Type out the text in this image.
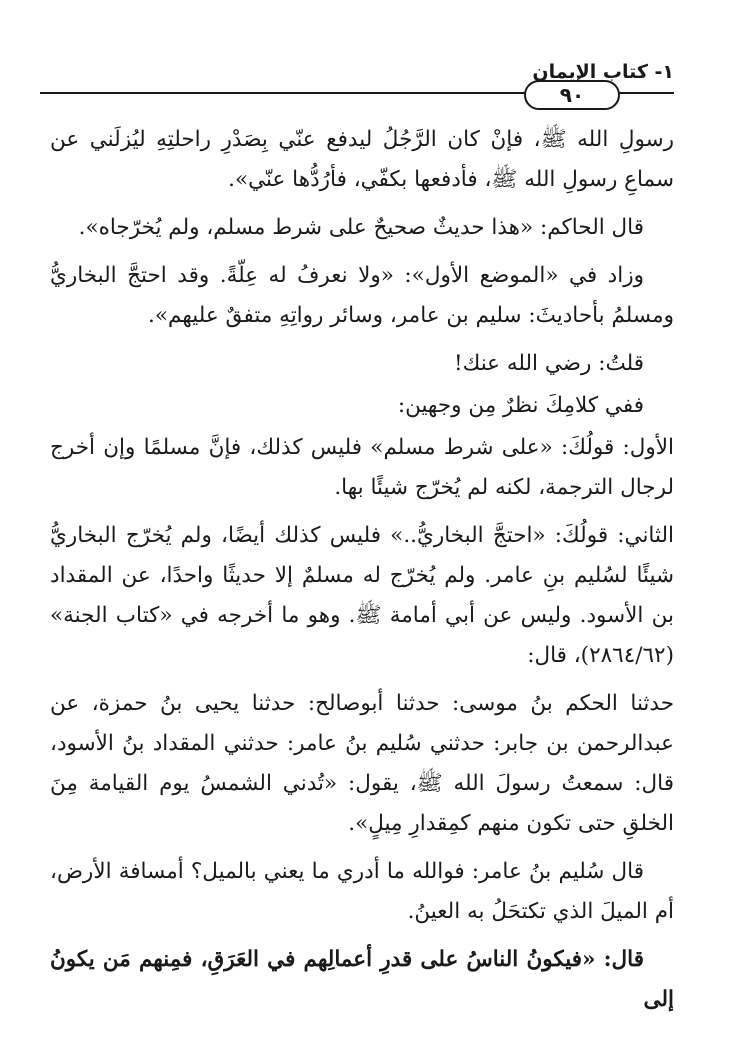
٩٠
١- كتاب الإيمان

رسولِ الله ﷺ، فإنْ كان الرَّجُلُ ليدفع عنّي بِصَدْرِ راحلتِهِ ليُزلَني عن سماعِ رسولِ الله ﷺ، فأدفعها بكفّي، فأرُدُّها عنّي».

قال الحاكم: «هذا حديثٌ صحيحٌ على شرط مسلم، ولم يُخرّجاه».

وزاد في «الموضع الأول»: «ولا نعرفُ له عِلّةً. وقد احتجَّ البخاريُّ ومسلمُ بأحاديثَ: سليم بن عامر، وسائر رواتِهِ متفقٌ عليهم».

قلتُ: رضي الله عنك!

ففي كلامِكَ نظرٌ مِن وجهين:

الأول: قولُكَ: «على شرط مسلم» فليس كذلك، فإنَّ مسلمًا وإن أخرج لرجال الترجمة، لكنه لم يُخرّج شيئًا بها.

الثاني: قولُكَ: «احتجَّ البخاريُّ..» فليس كذلك أيضًا، ولم يُخرّج البخاريُّ شيئًا لسُليم بنِ عامر. ولم يُخرّج له مسلمٌ إلا حديثًا واحدًا، عن المقداد بن الأسود. وليس عن أبي أمامة ﷺ. وهو ما أخرجه في «كتاب الجنة» (٢٨٦٤/٦٢)، قال:

حدثنا الحكم بنُ موسى: حدثنا أبوصالح: حدثنا يحيى بنُ حمزة، عن عبدالرحمن بن جابر: حدثني سُليم بنُ عامر: حدثني المقداد بنُ الأسود، قال: سمعتُ رسولَ الله ﷺ، يقول: «تُدني الشمسُ يوم القيامة مِنَ الخلقِ حتى تكون منهم كمِقدارِ مِيلٍ».

قال سُليم بنُ عامر: فوالله ما أدري ما يعني بالميل؟ أمسافة الأرض، أم الميلَ الذي تكتحَلُ به العينُ.

قال: «فيكونُ الناسُ على قدرِ أعمالِهم في العَرَقِ، فمِنهم مَن يكونُ إلى
